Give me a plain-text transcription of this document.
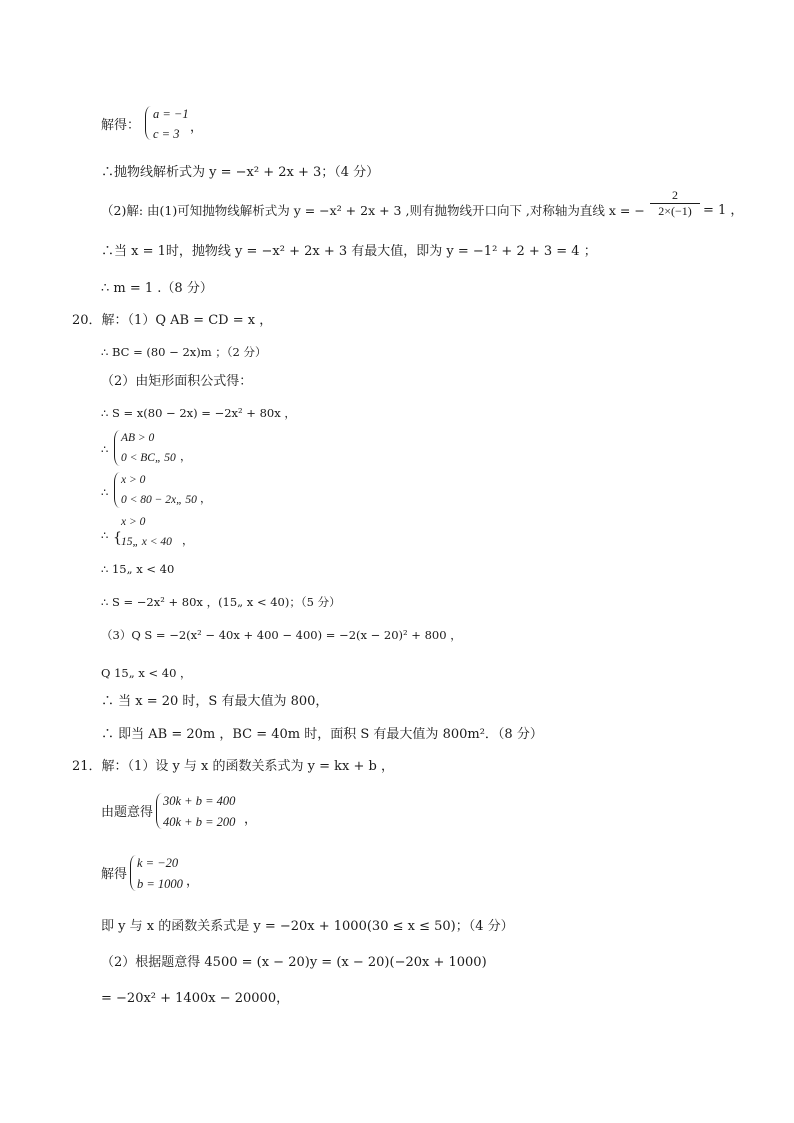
解得：
a = −1
c = 3 ，
∴抛物线解析式为 y = −x² + 2x + 3；（4 分）
（2)解: 由(1)可知抛物线解析式为 y = −x² + 2x + 3 ,则有抛物线开口向下 ,对称轴为直线 x = − $\frac{2}{2\times(-1)} = 1$ ，
∴当 x = 1时，抛物线 y = −x² + 2x + 3 有最大值，即为 y = −1² + 2 + 3 = 4 ；
∴ m = 1 .（8 分）
20．解：（1）Q AB = CD = x ，
∴ BC = (80 − 2x)m ；（2 分）
（2）由矩形面积公式得：
∴ S = x(80 − 2x) = −2x² + 80x ，
∴
AB > 0
0 < BC„ 50 ，
∴
x > 0
0 < 80 − 2x„ 50 ，
∴ {
x > 0
15„ x < 40 ，
∴ 15„ x < 40
∴ S = −2x² + 80x ，(15„ x < 40)；（5 分）
（3）Q S = −2(x² − 40x + 400 − 400) = −2(x − 20)² + 800 ，
Q 15„ x < 40 ，
∴ 当 x = 20 时，S 有最大值为 800，
∴ 即当 AB = 20m ，BC = 40m 时，面积 S 有最大值为 800m²．（8 分）
21．解：（1）设 y 与 x 的函数关系式为 y = kx + b ，
由题意得
30k + b = 400
40k + b = 200 ，
解得
k = −20
b = 1000 ，
即 y 与 x 的函数关系式是 y = −20x + 1000(30 ≤ x ≤ 50)；（4 分）
（2）根据题意得 4500 = (x − 20)y = (x − 20)(−20x + 1000)
= −20x² + 1400x − 20000，
